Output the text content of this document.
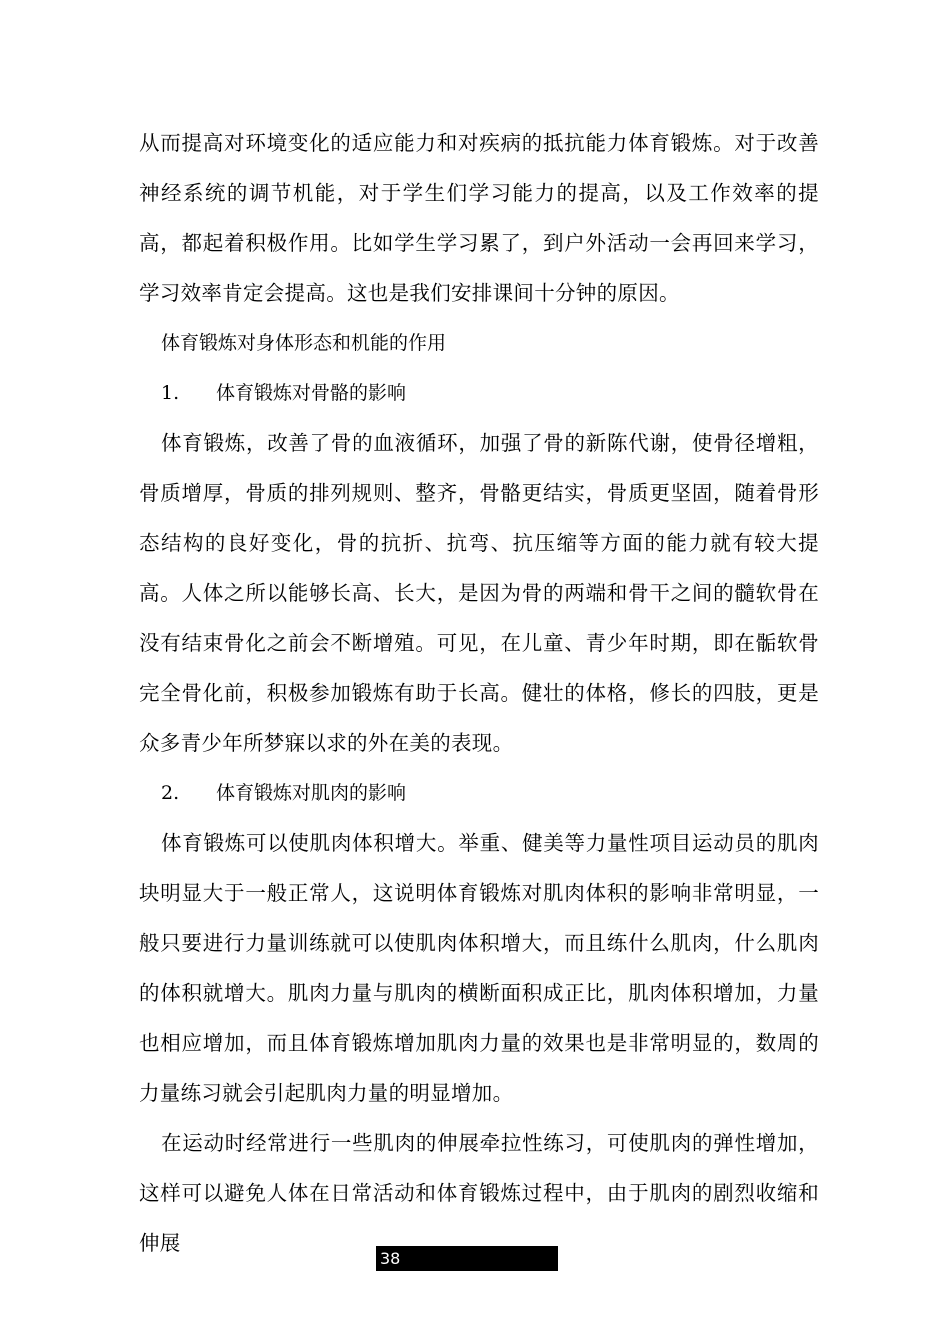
从而提高对环境变化的适应能力和对疾病的抵抗能力体育锻炼。对于改善神经系统的调节机能，对于学生们学习能力的提高，以及工作效率的提高，都起着积极作用。比如学生学习累了，到户外活动一会再回来学习，学习效率肯定会提高。这也是我们安排课间十分钟的原因。

体育锻炼对身体形态和机能的作用

1.	体育锻炼对骨骼的影响

体育锻炼，改善了骨的血液循环，加强了骨的新陈代谢，使骨径增粗，骨质增厚，骨质的排列规则、整齐，骨骼更结实，骨质更坚固，随着骨形态结构的良好变化，骨的抗折、抗弯、抗压缩等方面的能力就有较大提高。人体之所以能够长高、长大，是因为骨的两端和骨干之间的髓软骨在没有结束骨化之前会不断增殖。可见，在儿童、青少年时期，即在骺软骨完全骨化前，积极参加锻炼有助于长高。健壮的体格，修长的四肢，更是众多青少年所梦寐以求的外在美的表现。

2.	体育锻炼对肌肉的影响

体育锻炼可以使肌肉体积增大。举重、健美等力量性项目运动员的肌肉块明显大于一般正常人，这说明体育锻炼对肌肉体积的影响非常明显，一般只要进行力量训练就可以使肌肉体积增大，而且练什么肌肉，什么肌肉的体积就增大。肌肉力量与肌肉的横断面积成正比，肌肉体积增加，力量也相应增加，而且体育锻炼增加肌肉力量的效果也是非常明显的，数周的力量练习就会引起肌肉力量的明显增加。

在运动时经常进行一些肌肉的伸展牵拉性练习，可使肌肉的弹性增加，这样可以避免人体在日常活动和体育锻炼过程中，由于肌肉的剧烈收缩和伸展

38
